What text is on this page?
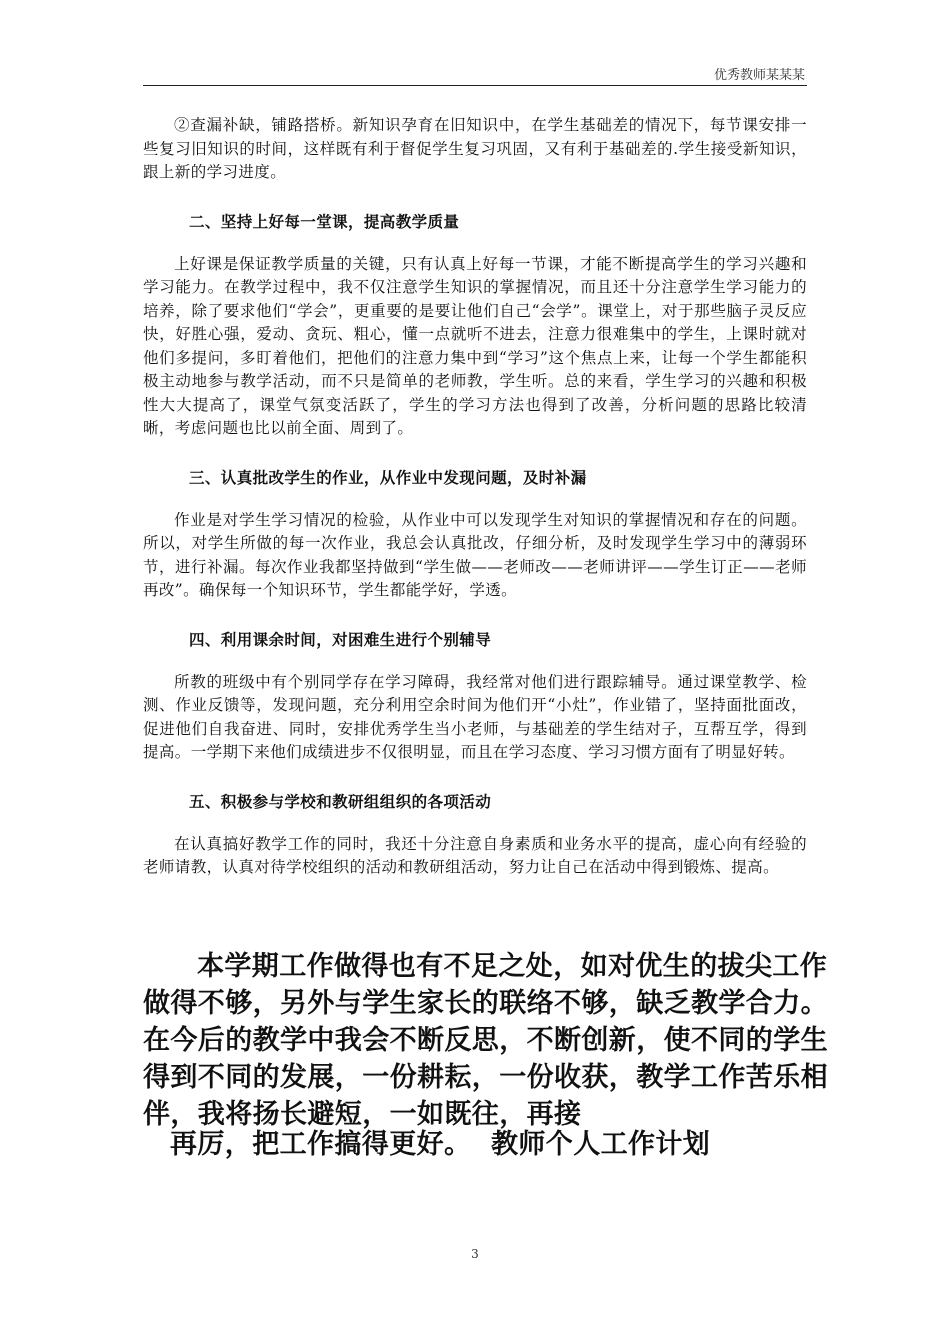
优秀教师某某某

②查漏补缺，铺路搭桥。新知识孕育在旧知识中，在学生基础差的情况下，每节课安排一些复习旧知识的时间，这样既有利于督促学生复习巩固，又有利于基础差的.学生接受新知识，跟上新的学习进度。

二、坚持上好每一堂课，提高教学质量

上好课是保证教学质量的关键，只有认真上好每一节课，才能不断提高学生的学习兴趣和学习能力。在教学过程中，我不仅注意学生知识的掌握情况，而且还十分注意学生学习能力的培养，除了要求他们“学会”，更重要的是要让他们自己“会学”。课堂上，对于那些脑子灵反应快，好胜心强，爱动、贪玩、粗心，懂一点就听不进去，注意力很难集中的学生，上课时就对他们多提问，多盯着他们，把他们的注意力集中到“学习”这个焦点上来，让每一个学生都能积极主动地参与教学活动，而不只是简单的老师教，学生听。总的来看，学生学习的兴趣和积极性大大提高了，课堂气氛变活跃了，学生的学习方法也得到了改善，分析问题的思路比较清晰，考虑问题也比以前全面、周到了。

三、认真批改学生的作业，从作业中发现问题，及时补漏

作业是对学生学习情况的检验，从作业中可以发现学生对知识的掌握情况和存在的问题。所以，对学生所做的每一次作业，我总会认真批改，仔细分析，及时发现学生学习中的薄弱环节，进行补漏。每次作业我都坚持做到“学生做——老师改——老师讲评——学生订正——老师再改”。确保每一个知识环节，学生都能学好，学透。

四、利用课余时间，对困难生进行个别辅导

所教的班级中有个别同学存在学习障碍，我经常对他们进行跟踪辅导。通过课堂教学、检测、作业反馈等，发现问题，充分利用空余时间为他们开“小灶”，作业错了，坚持面批面改，促进他们自我奋进、同时，安排优秀学生当小老师，与基础差的学生结对子，互帮互学，得到提高。一学期下来他们成绩进步不仅很明显，而且在学习态度、学习习惯方面有了明显好转。

五、积极参与学校和教研组组织的各项活动

在认真搞好教学工作的同时，我还十分注意自身素质和业务水平的提高，虚心向有经验的老师请教，认真对待学校组织的活动和教研组活动，努力让自己在活动中得到锻炼、提高。

本学期工作做得也有不足之处，如对优生的拔尖工作做得不够，另外与学生家长的联络不够，缺乏教学合力。在今后的教学中我会不断反思，不断创新，使不同的学生得到不同的发展，一份耕耘，一份收获，教学工作苦乐相伴，我将扬长避短，一如既往，再接

再厉，把工作搞得更好。  教师个人工作计划
3
